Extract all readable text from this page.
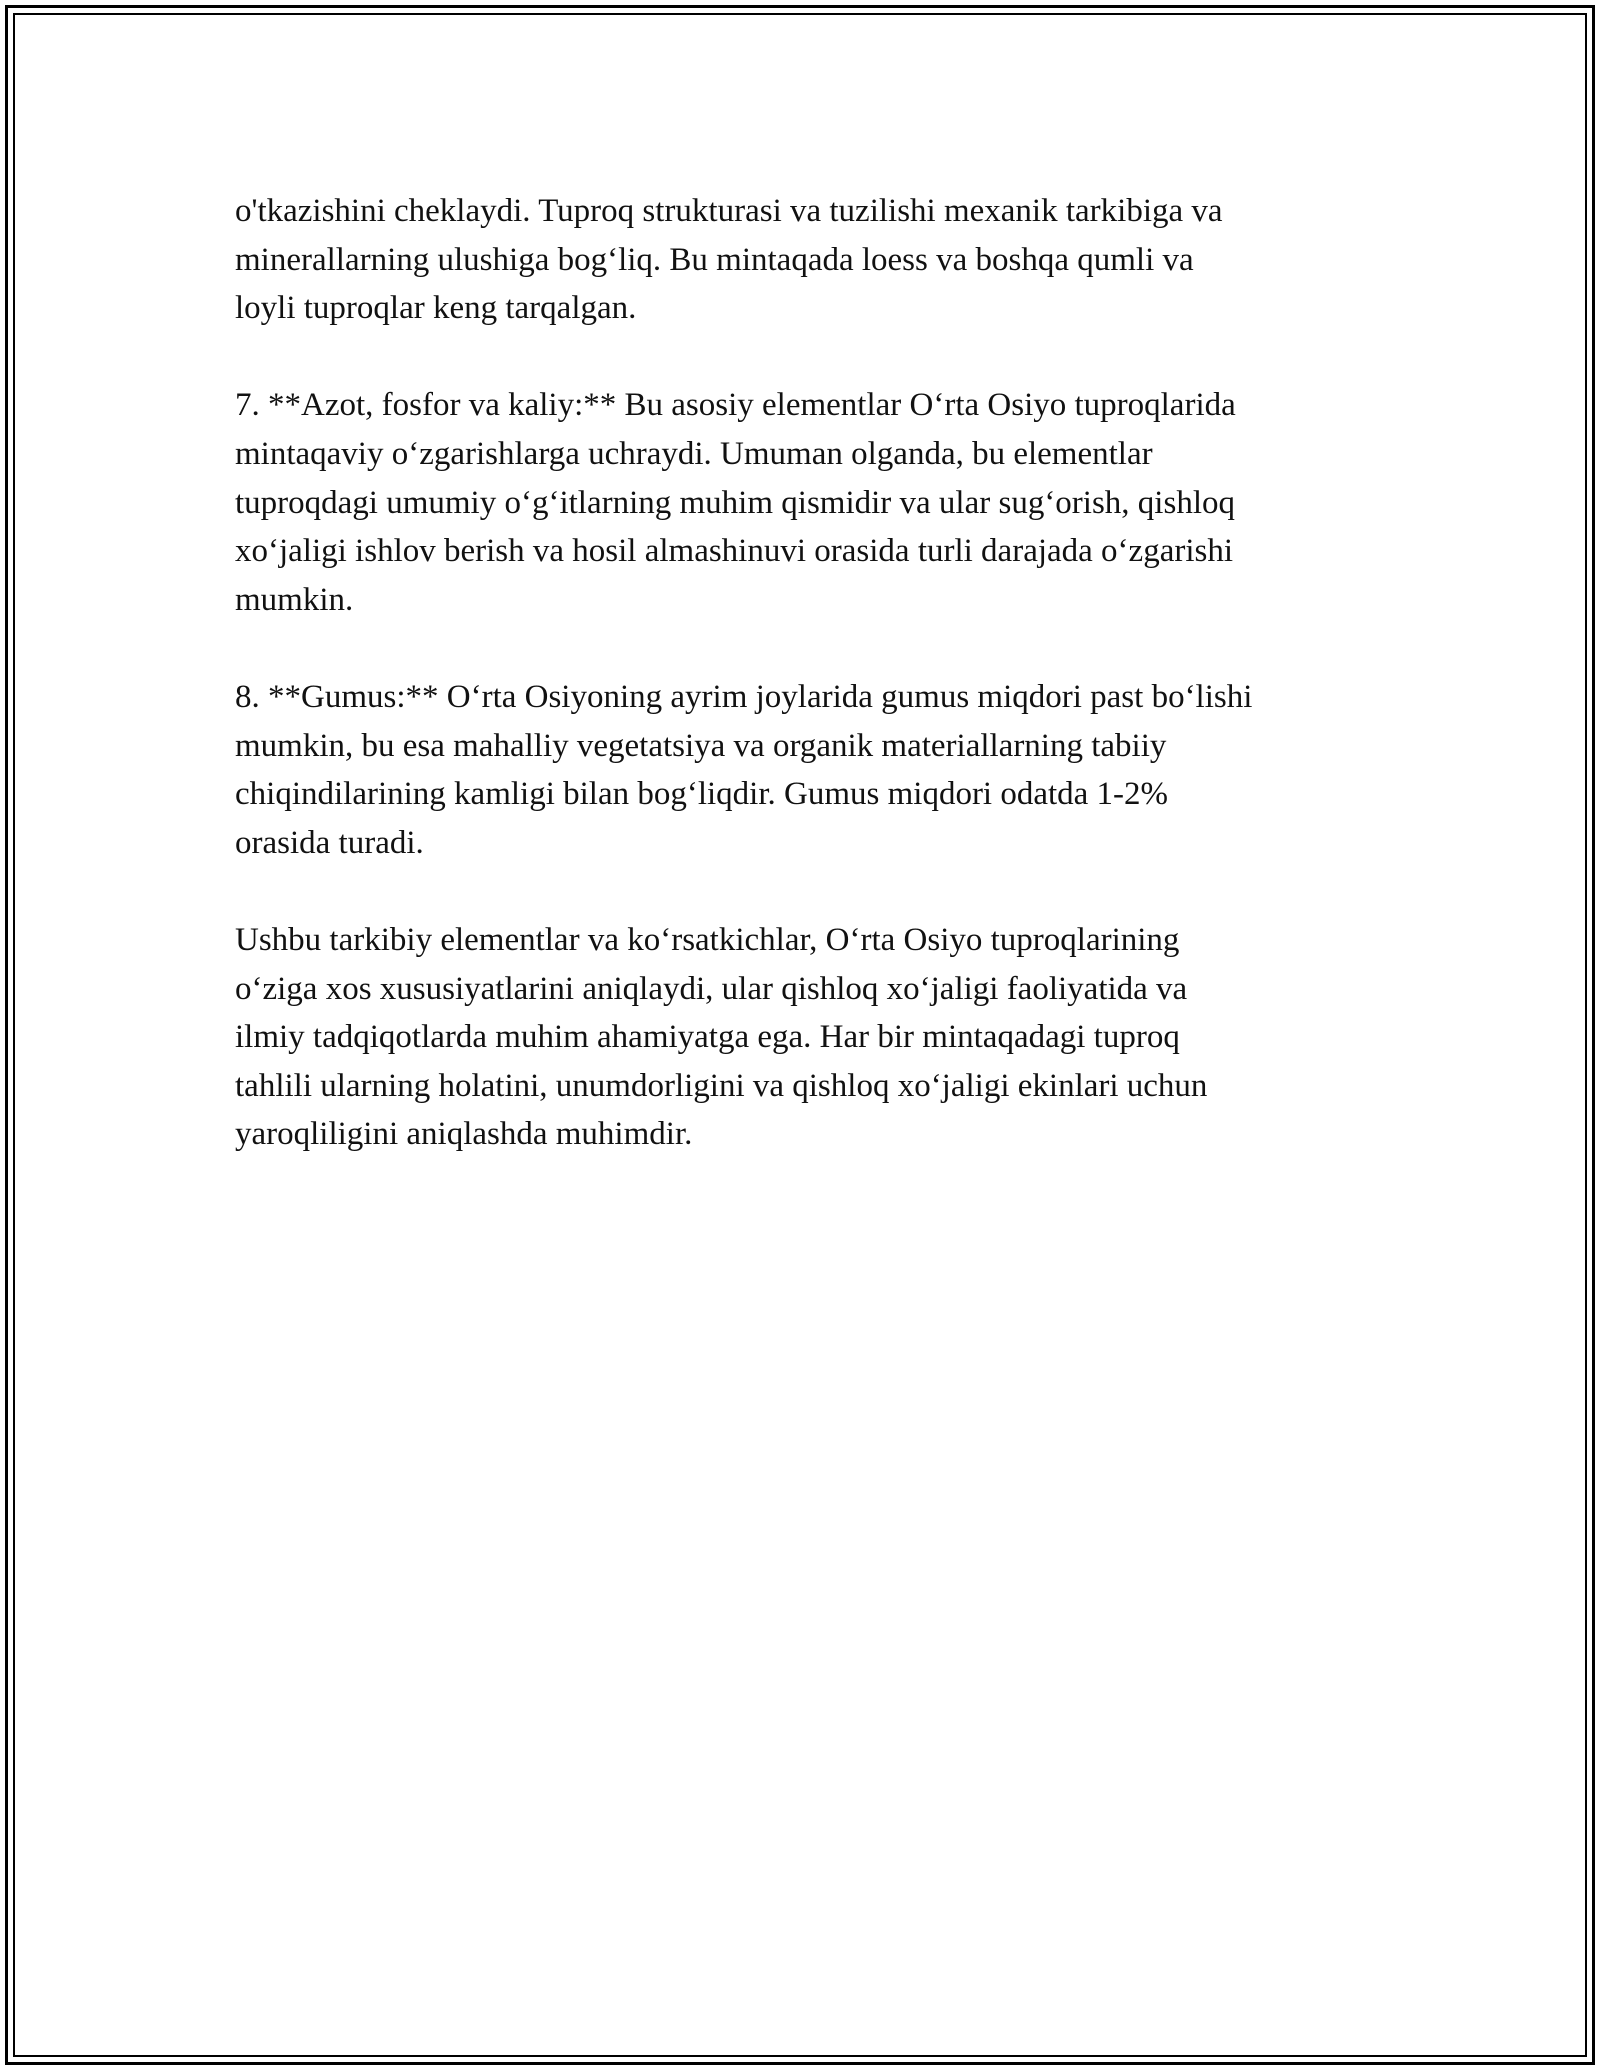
o'tkazishini cheklaydi. Tuproq strukturasi va tuzilishi mexanik tarkibiga va
minerallarning ulushiga bog‘liq. Bu mintaqada loess va boshqa qumli va
loyli tuproqlar keng tarqalgan.

7. **Azot, fosfor va kaliy:** Bu asosiy elementlar O‘rta Osiyo tuproqlarida
mintaqaviy o‘zgarishlarga uchraydi. Umuman olganda, bu elementlar
tuproqdagi umumiy o‘g‘itlarning muhim qismidir va ular sug‘orish, qishloq
xo‘jaligi ishlov berish va hosil almashinuvi orasida turli darajada o‘zgarishi
mumkin.

8. **Gumus:** O‘rta Osiyoning ayrim joylarida gumus miqdori past bo‘lishi
mumkin, bu esa mahalliy vegetatsiya va organik materiallarning tabiiy
chiqindilarining kamligi bilan bog‘liqdir. Gumus miqdori odatda 1-2%
orasida turadi.

Ushbu tarkibiy elementlar va ko‘rsatkichlar, O‘rta Osiyo tuproqlarining
o‘ziga xos xususiyatlarini aniqlaydi, ular qishloq xo‘jaligi faoliyatida va
ilmiy tadqiqotlarda muhim ahamiyatga ega. Har bir mintaqadagi tuproq
tahlili ularning holatini, unumdorligini va qishloq xo‘jaligi ekinlari uchun
yaroqliligini aniqlashda muhimdir.
